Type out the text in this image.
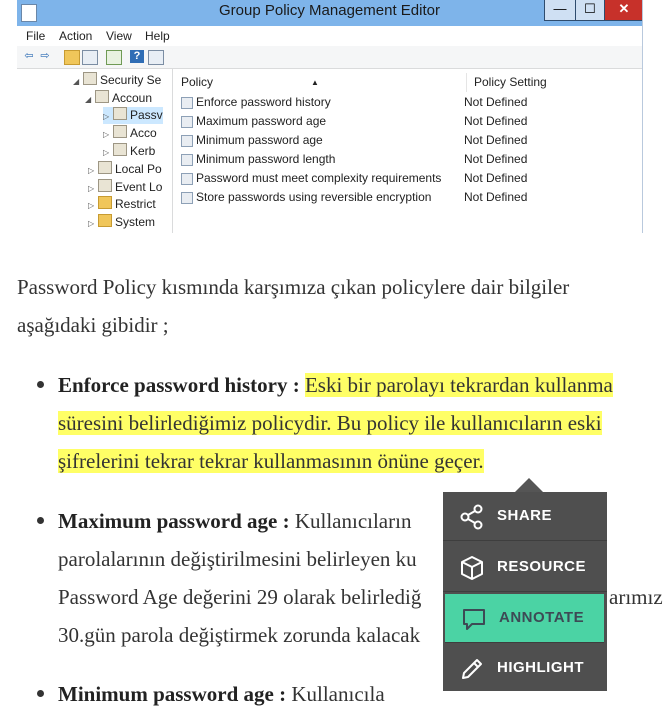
Group Policy Management Editor	—	☐	✕
File Action View Help
⇦ ⇨	?
◢ Security Se
◢ Accoun
▷ Passv
▷ Acco
▷ Kerb
▷ Local Po
▷ Event Lo
▷ Restrict
▷ System
Policy	▲	Policy Setting
Enforce password history	Not Defined
Maximum password age	Not Defined
Minimum password age	Not Defined
Minimum password length	Not Defined
Password must meet complexity requirements Not Defined
Store passwords using reversible encryption	Not Defined
Password Policy kısmında karşımıza çıkan policylere dair bilgiler
aşağıdaki gibidir ;
Enforce password history : Eski bir parolayı tekrardan kullanma
süresini belirlediğimiz policydir. Bu policy ile kullanıcıların eski
şifrelerini tekrar tekrar kullanmasının önüne geçer.
Maximum password age : Kullanıcıların
parolalarının değiştirilmesini belirleyen ku
Password Age değerini 29 olarak belirlediğ	arımız
30.gün parola değiştirmek zorunda kalacak
Minimum password age : Kullanıcıla
SHARE
RESOURCE
ANNOTATE
HIGHLIGHT
